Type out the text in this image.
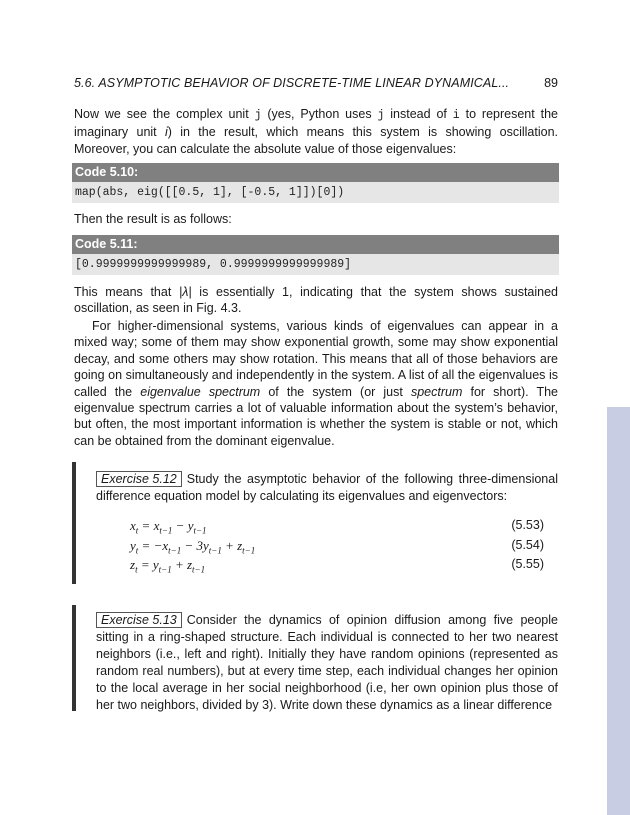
5.6. ASYMPTOTIC BEHAVIOR OF DISCRETE-TIME LINEAR DYNAMICAL...	89
Now we see the complex unit j (yes, Python uses j instead of i to represent the imaginary unit i) in the result, which means this system is showing oscillation. Moreover, you can calculate the absolute value of those eigenvalues:
Code 5.10:
map(abs, eig([[0.5, 1], [-0.5, 1]])[0])
Then the result is as follows:
Code 5.11:
[0.9999999999999989, 0.9999999999999989]
This means that |λ| is essentially 1, indicating that the system shows sustained oscillation, as seen in Fig. 4.3.
For higher-dimensional systems, various kinds of eigenvalues can appear in a mixed way; some of them may show exponential growth, some may show exponential decay, and some others may show rotation. This means that all of those behaviors are going on simultaneously and independently in the system. A list of all the eigenvalues is called the eigenvalue spectrum of the system (or just spectrum for short). The eigenvalue spectrum carries a lot of valuable information about the system’s behavior, but often, the most important information is whether the system is stable or not, which can be obtained from the dominant eigenvalue.
Exercise 5.12 Study the asymptotic behavior of the following three-dimensional difference equation model by calculating its eigenvalues and eigenvectors:
$x_t = x_{t-1} - y_{t-1}$	(5.53)
$y_t = -x_{t-1} - 3y_{t-1} + z_{t-1}$	(5.54)
$z_t = y_{t-1} + z_{t-1}$	(5.55)
Exercise 5.13 Consider the dynamics of opinion diffusion among five people sitting in a ring-shaped structure. Each individual is connected to her two nearest neighbors (i.e., left and right). Initially they have random opinions (represented as random real numbers), but at every time step, each individual changes her opinion to the local average in her social neighborhood (i.e, her own opinion plus those of her two neighbors, divided by 3). Write down these dynamics as a linear difference
